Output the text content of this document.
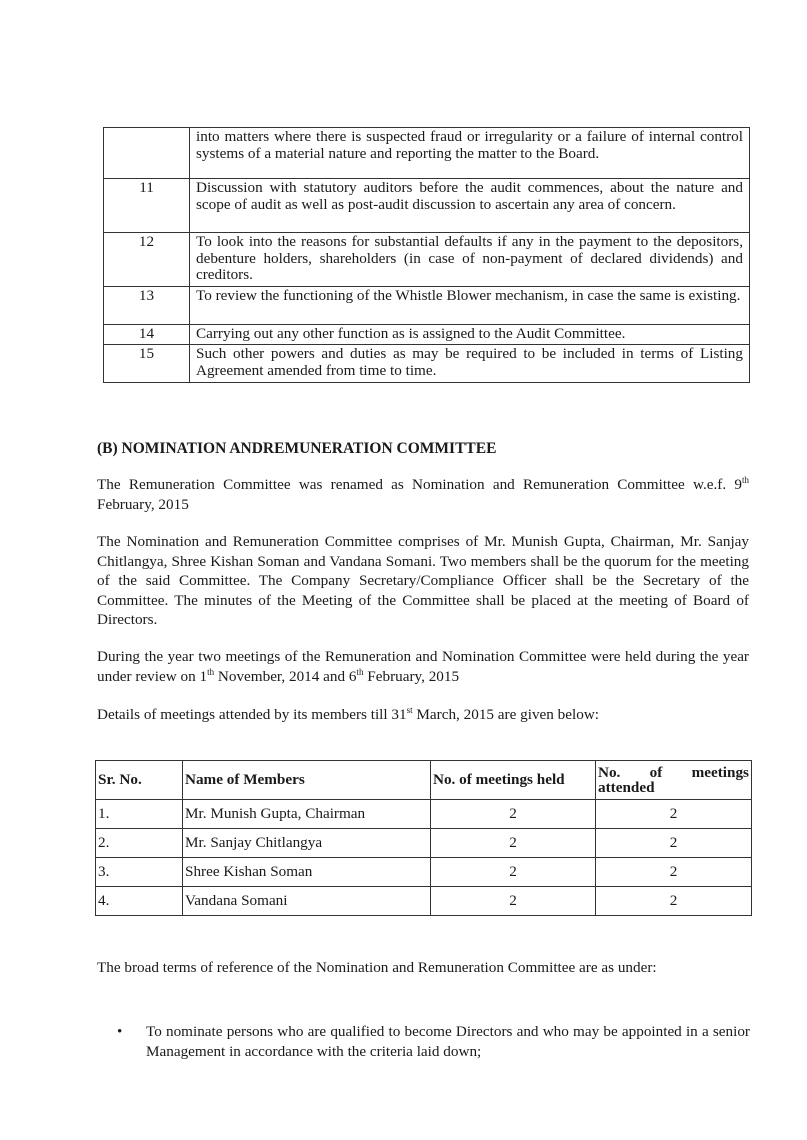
	into matters where there is suspected fraud or irregularity or a failure of internal control systems of a material nature and reporting the matter to the Board.
11	Discussion with statutory auditors before the audit commences, about the nature and scope of audit as well as post-audit discussion to ascertain any area of concern.
12	To look into the reasons for substantial defaults if any in the payment to the depositors, debenture holders, shareholders (in case of non-payment of declared dividends) and creditors.
13	To review the functioning of the Whistle Blower mechanism, in case the same is existing.
14	Carrying out any other function as is assigned to the Audit Committee.
15	Such other powers and duties as may be required to be included in terms of Listing Agreement amended from time to time.
(B) NOMINATION ANDREMUNERATION COMMITTEE
The Remuneration Committee was renamed as Nomination and Remuneration Committee w.e.f. 9th February, 2015
The Nomination and Remuneration Committee comprises of Mr. Munish Gupta, Chairman, Mr. Sanjay Chitlangya, Shree Kishan Soman and Vandana Somani. Two members shall be the quorum for the meeting of the said Committee. The Company Secretary/Compliance Officer shall be the Secretary of the Committee. The minutes of the Meeting of the Committee shall be placed at the meeting of Board of Directors.
During the year two meetings of the Remuneration and Nomination Committee were held during the year under review on 1th November, 2014 and 6th February, 2015
Details of meetings attended by its members till 31st March, 2015 are given below:
Sr. No.	Name of Members	No. of meetings held	No. of meetings
attended

1.	Mr. Munish Gupta, Chairman	2	2
2.	Mr. Sanjay Chitlangya	2	2
3.	Shree Kishan Soman	2	2
4.	Vandana Somani	2	2
The broad terms of reference of the Nomination and Remuneration Committee are as under:
• To nominate persons who are qualified to become Directors and who may be appointed in a senior Management in accordance with the criteria laid down;
